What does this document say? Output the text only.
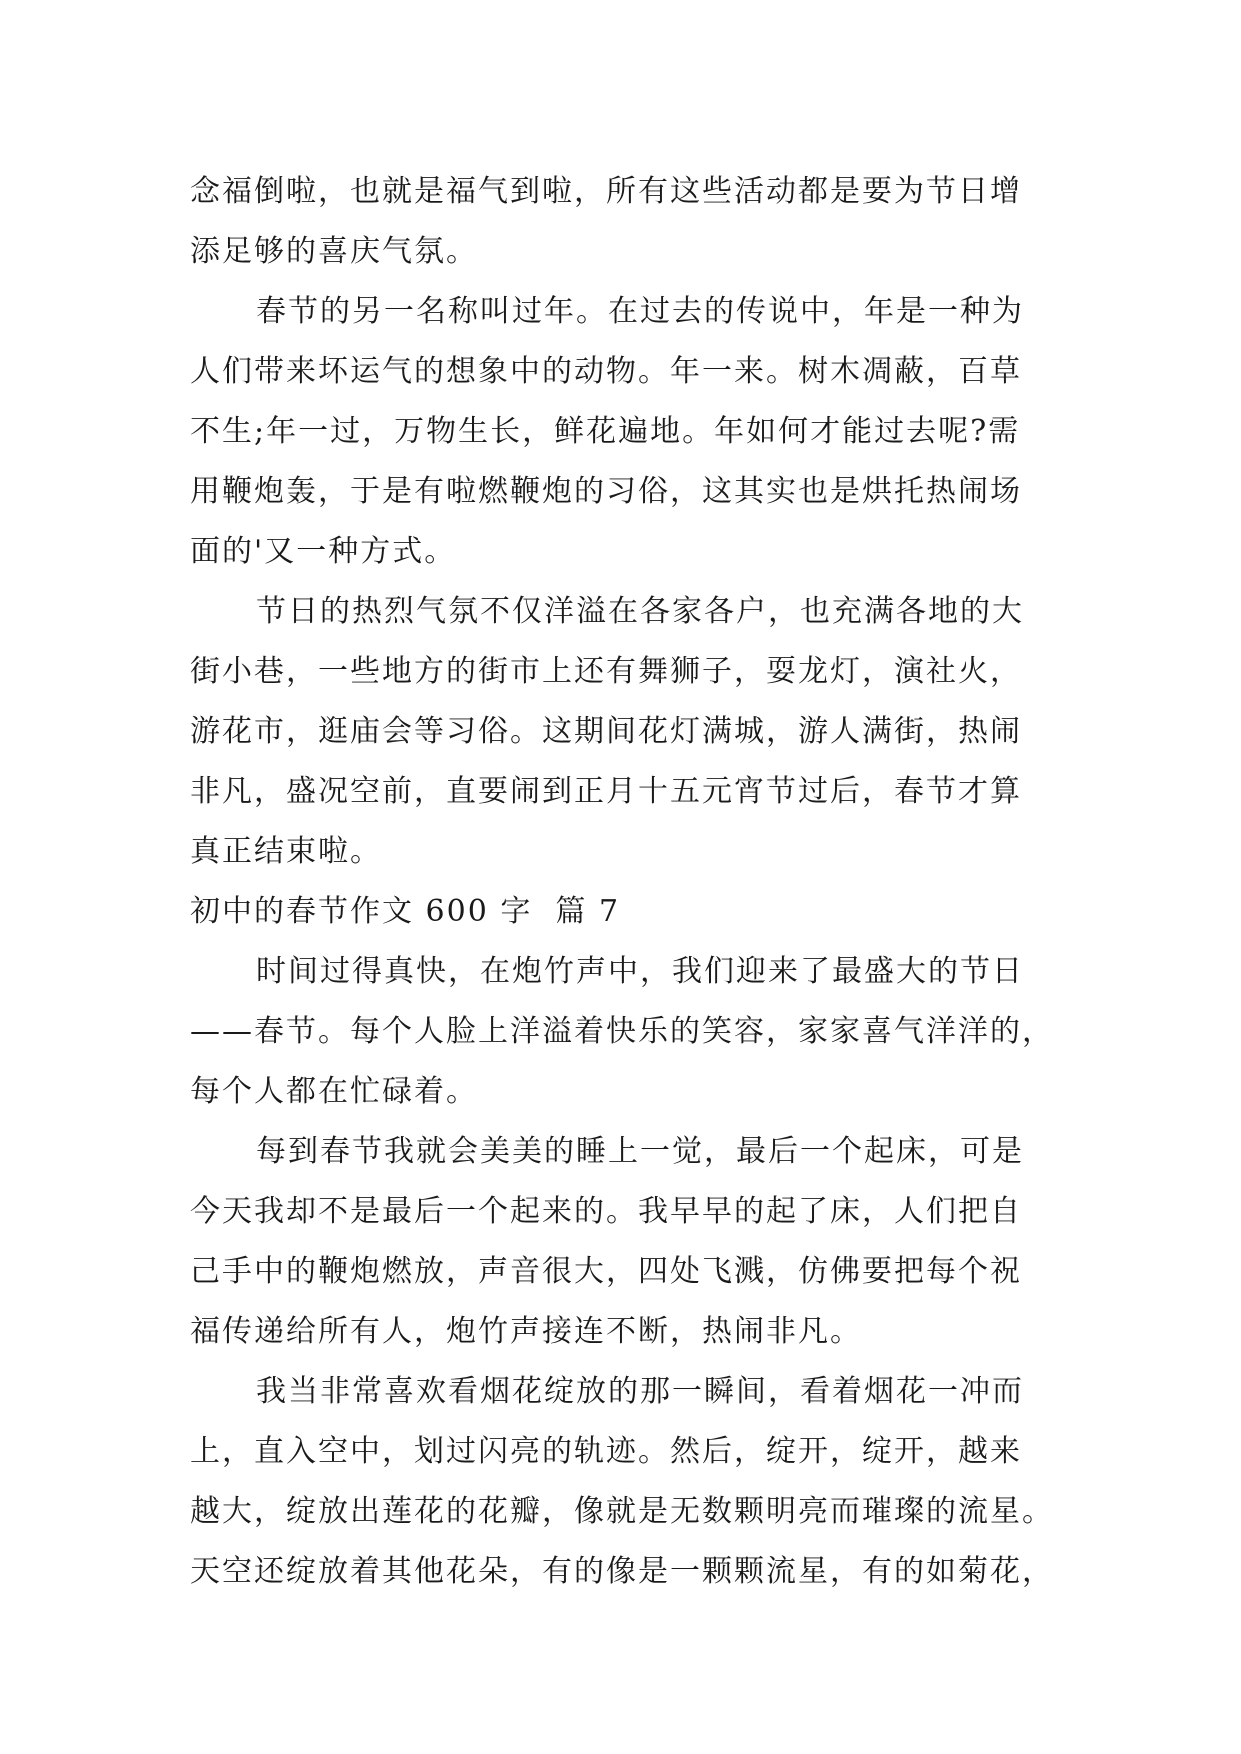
念福倒啦，也就是福气到啦，所有这些活动都是要为节日增
添足够的喜庆气氛。
春节的另一名称叫过年。在过去的传说中，年是一种为
人们带来坏运气的想象中的动物。年一来。树木凋蔽，百草
不生;年一过，万物生长，鲜花遍地。年如何才能过去呢?需
用鞭炮轰，于是有啦燃鞭炮的习俗，这其实也是烘托热闹场
面的'又一种方式。
节日的热烈气氛不仅洋溢在各家各户，也充满各地的大
街小巷，一些地方的街市上还有舞狮子，耍龙灯，演社火，
游花市，逛庙会等习俗。这期间花灯满城，游人满街，热闹
非凡，盛况空前，直要闹到正月十五元宵节过后，春节才算
真正结束啦。
初中的春节作文 600 字  篇 7
时间过得真快，在炮竹声中，我们迎来了最盛大的节日
——春节。每个人脸上洋溢着快乐的笑容，家家喜气洋洋的，
每个人都在忙碌着。
每到春节我就会美美的睡上一觉，最后一个起床，可是
今天我却不是最后一个起来的。我早早的起了床，人们把自
己手中的鞭炮燃放，声音很大，四处飞溅，仿佛要把每个祝
福传递给所有人，炮竹声接连不断，热闹非凡。
我当非常喜欢看烟花绽放的那一瞬间，看着烟花一冲而
上，直入空中，划过闪亮的轨迹。然后，绽开，绽开，越来
越大，绽放出莲花的花瓣，像就是无数颗明亮而璀璨的流星。
天空还绽放着其他花朵，有的像是一颗颗流星，有的如菊花，
